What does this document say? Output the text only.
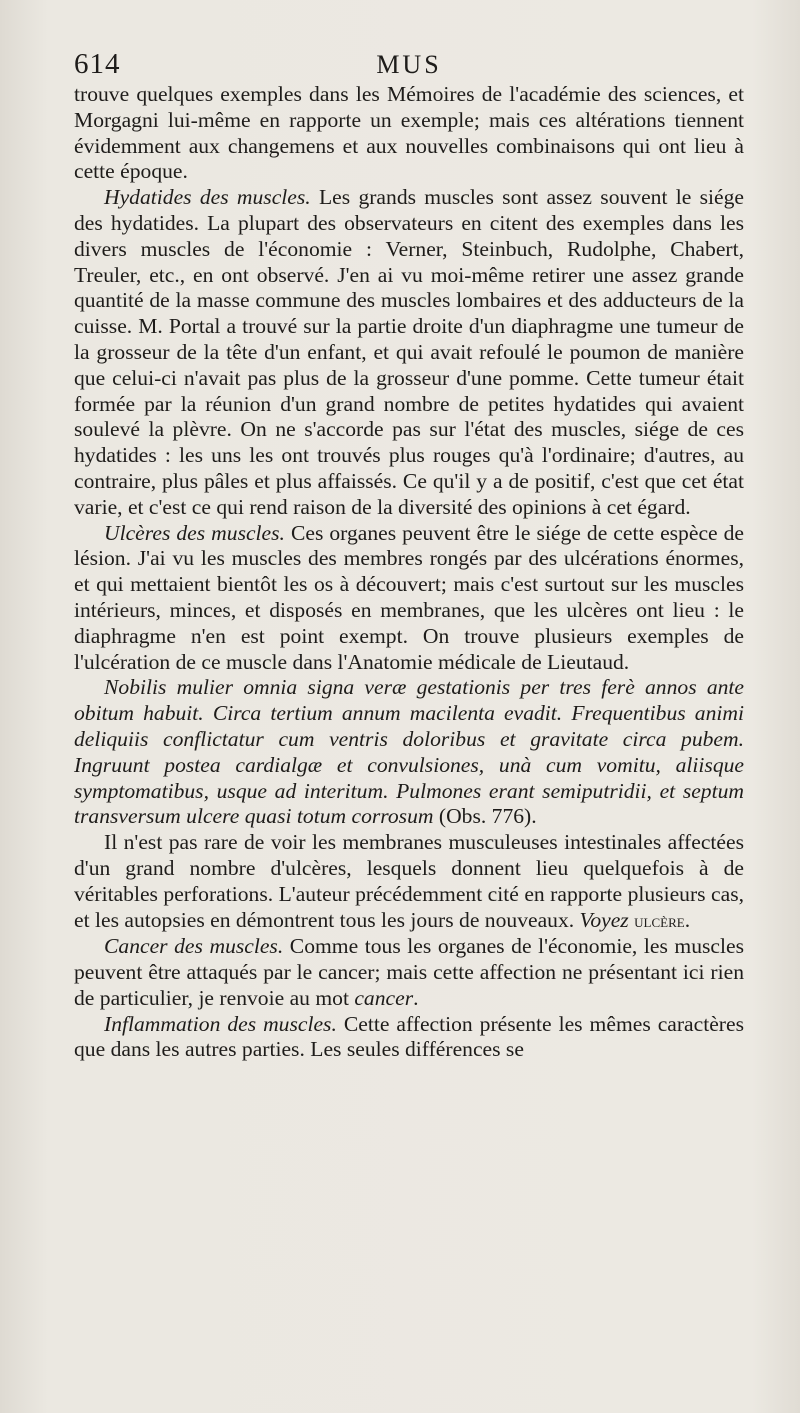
614	MUS

trouve quelques exemples dans les Mémoires de l'académie des sciences, et Morgagni lui-même en rapporte un exemple; mais ces altérations tiennent évidemment aux changemens et aux nouvelles combinaisons qui ont lieu à cette époque.

Hydatides des muscles. Les grands muscles sont assez souvent le siége des hydatides. La plupart des observateurs en citent des exemples dans les divers muscles de l'économie : Verner, Steinbuch, Rudolphe, Chabert, Treuler, etc., en ont observé. J'en ai vu moi-même retirer une assez grande quantité de la masse commune des muscles lombaires et des adducteurs de la cuisse. M. Portal a trouvé sur la partie droite d'un diaphragme une tumeur de la grosseur de la tête d'un enfant, et qui avait refoulé le poumon de manière que celui-ci n'avait pas plus de la grosseur d'une pomme. Cette tumeur était formée par la réunion d'un grand nombre de petites hydatides qui avaient soulevé la plèvre. On ne s'accorde pas sur l'état des muscles, siége de ces hydatides : les uns les ont trouvés plus rouges qu'à l'ordinaire; d'autres, au contraire, plus pâles et plus affaissés. Ce qu'il y a de positif, c'est que cet état varie, et c'est ce qui rend raison de la diversité des opinions à cet égard.

Ulcères des muscles. Ces organes peuvent être le siége de cette espèce de lésion. J'ai vu les muscles des membres rongés par des ulcérations énormes, et qui mettaient bientôt les os à découvert; mais c'est surtout sur les muscles intérieurs, minces, et disposés en membranes, que les ulcères ont lieu : le diaphragme n'en est point exempt. On trouve plusieurs exemples de l'ulcération de ce muscle dans l'Anatomie médicale de Lieutaud.

Nobilis mulier omnia signa veræ gestationis per tres ferè annos ante obitum habuit. Circa tertium annum macilenta evadit. Frequentibus animi deliquiis conflictatur cum ventris doloribus et gravitate circa pubem. Ingruunt postea cardialgæ et convulsiones, unà cum vomitu, aliisque symptomatibus, usque ad interitum. Pulmones erant semiputridii, et septum transversum ulcere quasi totum corrosum (Obs. 776).

Il n'est pas rare de voir les membranes musculeuses intestinales affectées d'un grand nombre d'ulcères, lesquels donnent lieu quelquefois à de véritables perforations. L'auteur précédemment cité en rapporte plusieurs cas, et les autopsies en démontrent tous les jours de nouveaux. Voyez ulcère.

Cancer des muscles. Comme tous les organes de l'économie, les muscles peuvent être attaqués par le cancer; mais cette affection ne présentant ici rien de particulier, je renvoie au mot cancer.

Inflammation des muscles. Cette affection présente les mêmes caractères que dans les autres parties. Les seules différences se
